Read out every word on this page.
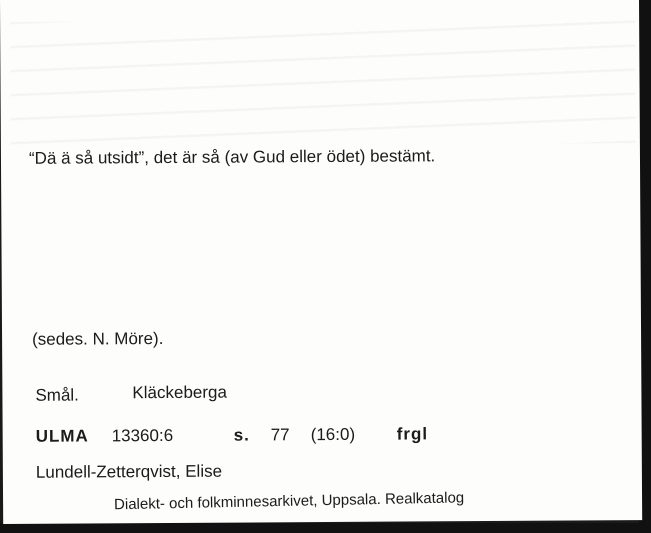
“Dä ä så utsidt”, det är så (av Gud eller ödet) bestämt.

(sedes. N. Möre).

Smål.	Kläckeberga

ULMA 13360:6	s. 77 (16:0) frgl

Lundell-Zetterqvist, Elise

Dialekt- och folkminnesarkivet, Uppsala. Realkatalog
